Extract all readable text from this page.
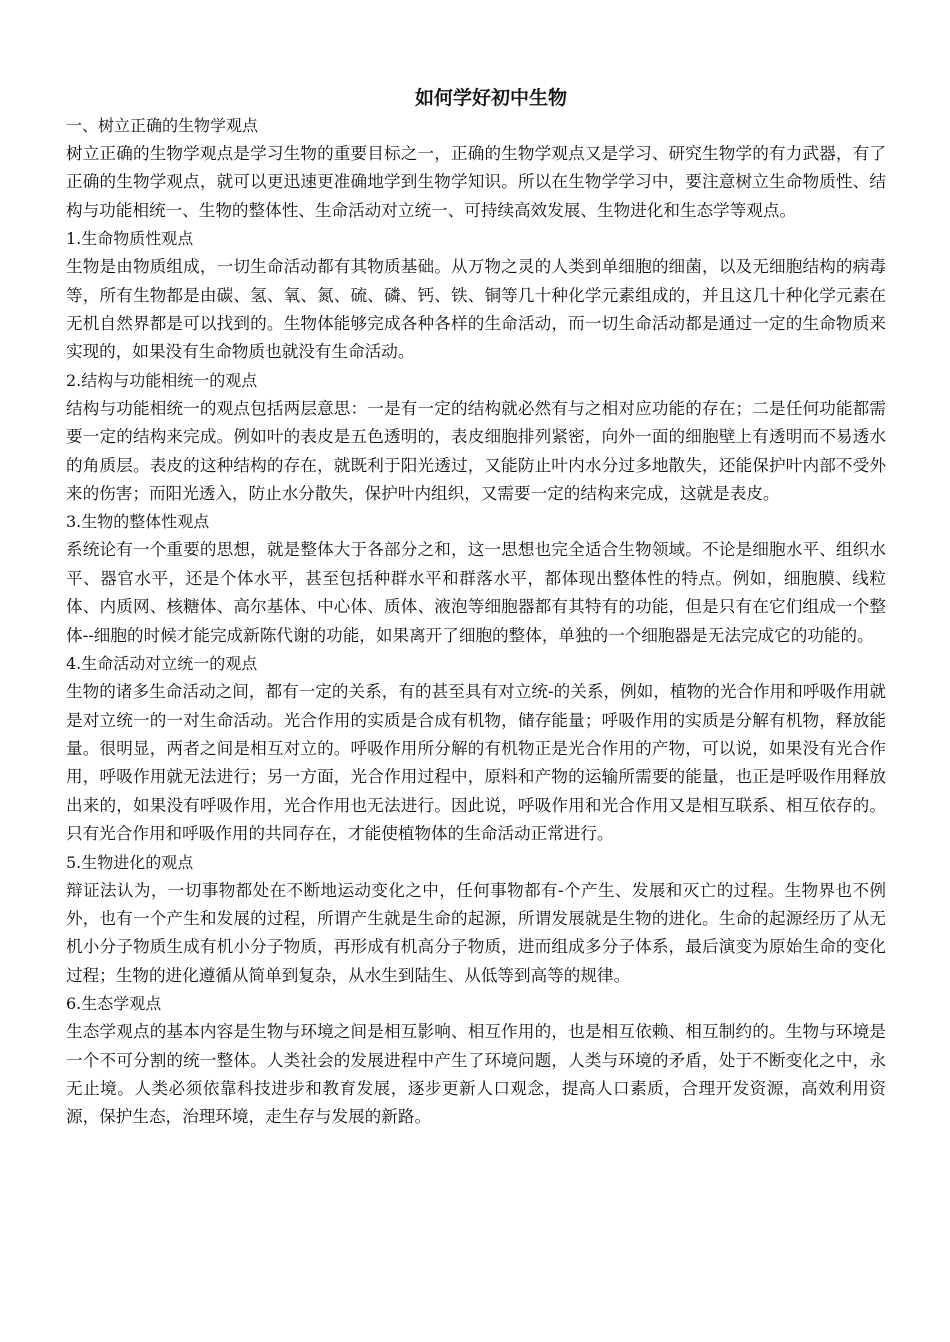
如何学好初中生物
一、树立正确的生物学观点

树立正确的生物学观点是学习生物的重要目标之一，正确的生物学观点又是学习、研究生物学的有力武器，有了正确的生物学观点，就可以更迅速更准确地学到生物学知识。所以在生物学学习中，要注意树立生命物质性、结构与功能相统一、生物的整体性、生命活动对立统一、可持续高效发展、生物进化和生态学等观点。

1.生命物质性观点

生物是由物质组成，一切生命活动都有其物质基础。从万物之灵的人类到单细胞的细菌，以及无细胞结构的病毒等，所有生物都是由碳、氢、氧、氮、硫、磷、钙、铁、铜等几十种化学元素组成的，并且这几十种化学元素在无机自然界都是可以找到的。生物体能够完成各种各样的生命活动，而一切生命活动都是通过一定的生命物质来实现的，如果没有生命物质也就没有生命活动。

2.结构与功能相统一的观点

结构与功能相统一的观点包括两层意思：一是有一定的结构就必然有与之相对应功能的存在；二是任何功能都需要一定的结构来完成。例如叶的表皮是五色透明的，表皮细胞排列紧密，向外一面的细胞壁上有透明而不易透水的角质层。表皮的这种结构的存在，就既利于阳光透过，又能防止叶内水分过多地散失，还能保护叶内部不受外来的伤害；而阳光透入，防止水分散失，保护叶内组织，又需要一定的结构来完成，这就是表皮。

3.生物的整体性观点

系统论有一个重要的思想，就是整体大于各部分之和，这一思想也完全适合生物领域。不论是细胞水平、组织水平、器官水平，还是个体水平，甚至包括种群水平和群落水平，都体现出整体性的特点。例如，细胞膜、线粒体、内质网、核糖体、高尔基体、中心体、质体、液泡等细胞器都有其特有的功能，但是只有在它们组成一个整体--细胞的时候才能完成新陈代谢的功能，如果离开了细胞的整体，单独的一个细胞器是无法完成它的功能的。

4.生命活动对立统一的观点

生物的诸多生命活动之间，都有一定的关系，有的甚至具有对立统-的关系，例如，植物的光合作用和呼吸作用就是对立统一的一对生命活动。光合作用的实质是合成有机物，储存能量；呼吸作用的实质是分解有机物，释放能量。很明显，两者之间是相互对立的。呼吸作用所分解的有机物正是光合作用的产物，可以说，如果没有光合作用，呼吸作用就无法进行；另一方面，光合作用过程中，原料和产物的运输所需要的能量，也正是呼吸作用释放出来的，如果没有呼吸作用，光合作用也无法进行。因此说，呼吸作用和光合作用又是相互联系、相互依存的。只有光合作用和呼吸作用的共同存在，才能使植物体的生命活动正常进行。

5.生物进化的观点

辩证法认为，一切事物都处在不断地运动变化之中，任何事物都有-个产生、发展和灭亡的过程。生物界也不例外，也有一个产生和发展的过程，所谓产生就是生命的起源，所谓发展就是生物的进化。生命的起源经历了从无机小分子物质生成有机小分子物质，再形成有机高分子物质，进而组成多分子体系，最后演变为原始生命的变化过程；生物的进化遵循从简单到复杂，从水生到陆生、从低等到高等的规律。

6.生态学观点

生态学观点的基本内容是生物与环境之间是相互影响、相互作用的，也是相互依赖、相互制约的。生物与环境是一个不可分割的统一整体。人类社会的发展进程中产生了环境问题，人类与环境的矛盾，处于不断变化之中，永无止境。人类必须依靠科技进步和教育发展，逐步更新人口观念，提高人口素质，合理开发资源，高效利用资源，保护生态，治理环境，走生存与发展的新路。
